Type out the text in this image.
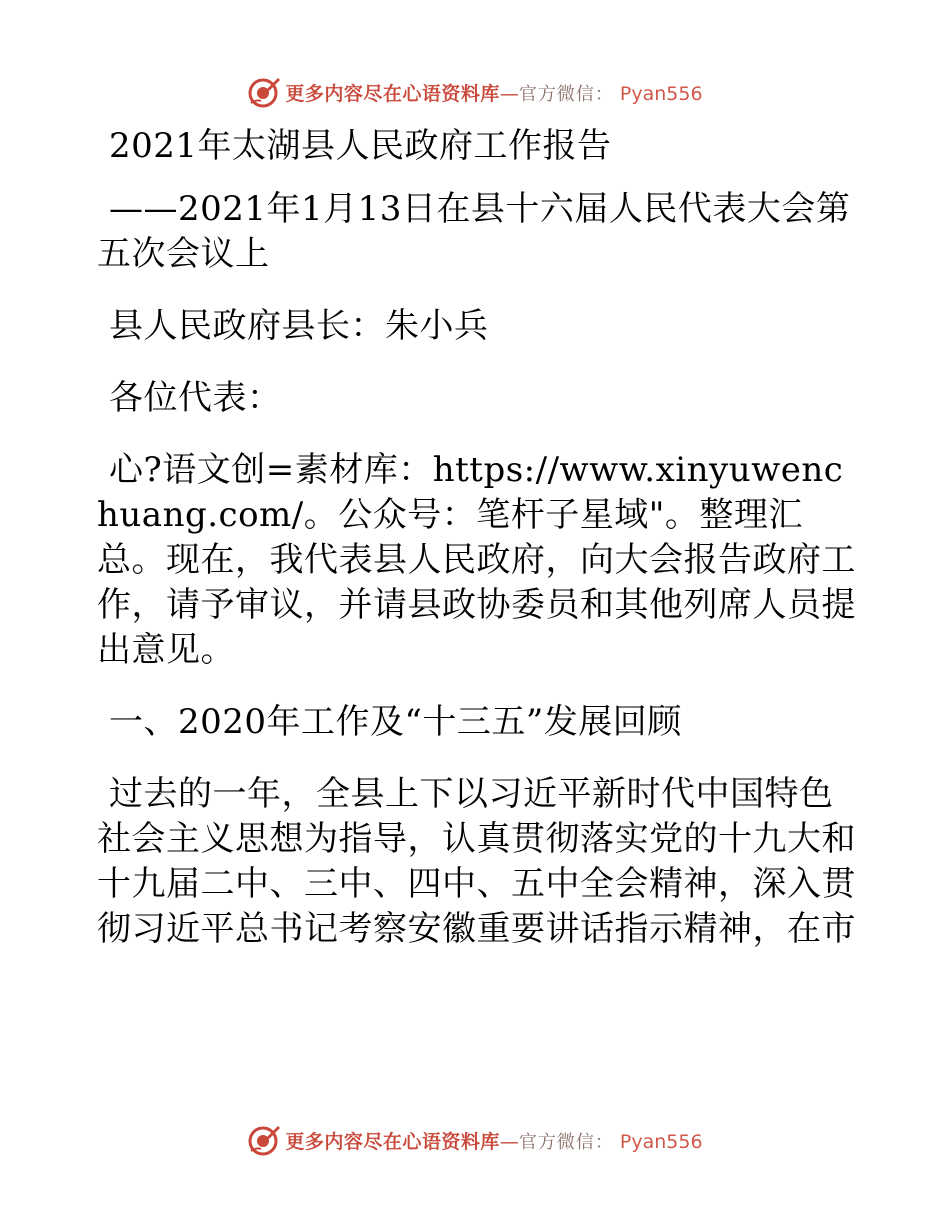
更多内容尽在心语资料库 — 官方微信： Pyan556

2021年太湖县人民政府工作报告

——2021年1月13日在县十六届人民代表大会第五次会议上

县人民政府县长：朱小兵

各位代表：

心?语文创=素材库：https://www.xinyuwenchuang.com/。公众号：笔杆子星域"。整理汇总。现在，我代表县人民政府，向大会报告政府工作，请予审议，并请县政协委员和其他列席人员提出意见。

一、2020年工作及“十三五”发展回顾

过去的一年，全县上下以习近平新时代中国特色社会主义思想为指导，认真贯彻落实党的十九大和十九届二中、三中、四中、五中全会精神，深入贯彻习近平总书记考察安徽重要讲话指示精神，在市

更多内容尽在心语资料库 — 官方微信： Pyan556
